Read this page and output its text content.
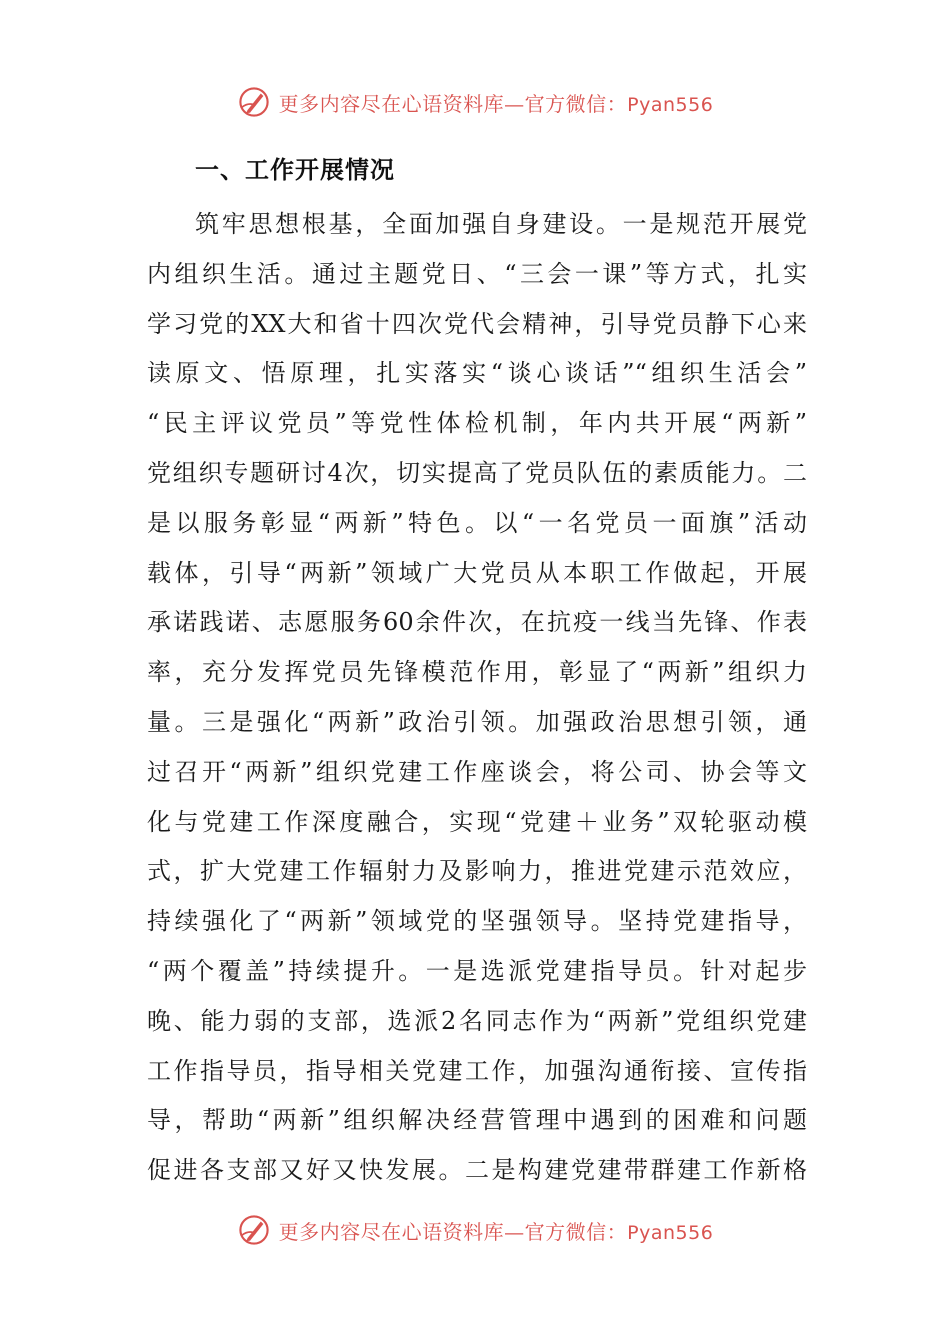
更多内容尽在心语资料库—官方微信：Pyan556
一、工作开展情况
筑牢思想根基，全面加强自身建设。一是规范开展党
内组织生活。通过主题党日、“三会一课”等方式，扎实
学习党的XX大和省十四次党代会精神，引导党员静下心来
读原文、悟原理，扎实落实“谈心谈话”“组织生活会”
“民主评议党员”等党性体检机制，年内共开展“两新”
党组织专题研讨4次，切实提高了党员队伍的素质能力。二
是以服务彰显“两新”特色。以“一名党员一面旗”活动
载体，引导“两新”领域广大党员从本职工作做起，开展
承诺践诺、志愿服务60余件次，在抗疫一线当先锋、作表
率，充分发挥党员先锋模范作用，彰显了“两新”组织力
量。三是强化“两新”政治引领。加强政治思想引领，通
过召开“两新”组织党建工作座谈会，将公司、协会等文
化与党建工作深度融合，实现“党建＋业务”双轮驱动模
式，扩大党建工作辐射力及影响力，推进党建示范效应，
持续强化了“两新”领域党的坚强领导。坚持党建指导，
“两个覆盖”持续提升。一是选派党建指导员。针对起步
晚、能力弱的支部，选派2名同志作为“两新”党组织党建
工作指导员，指导相关党建工作，加强沟通衔接、宣传指
导，帮助“两新”组织解决经营管理中遇到的困难和问题
促进各支部又好又快发展。二是构建党建带群建工作新格
更多内容尽在心语资料库—官方微信：Pyan556
